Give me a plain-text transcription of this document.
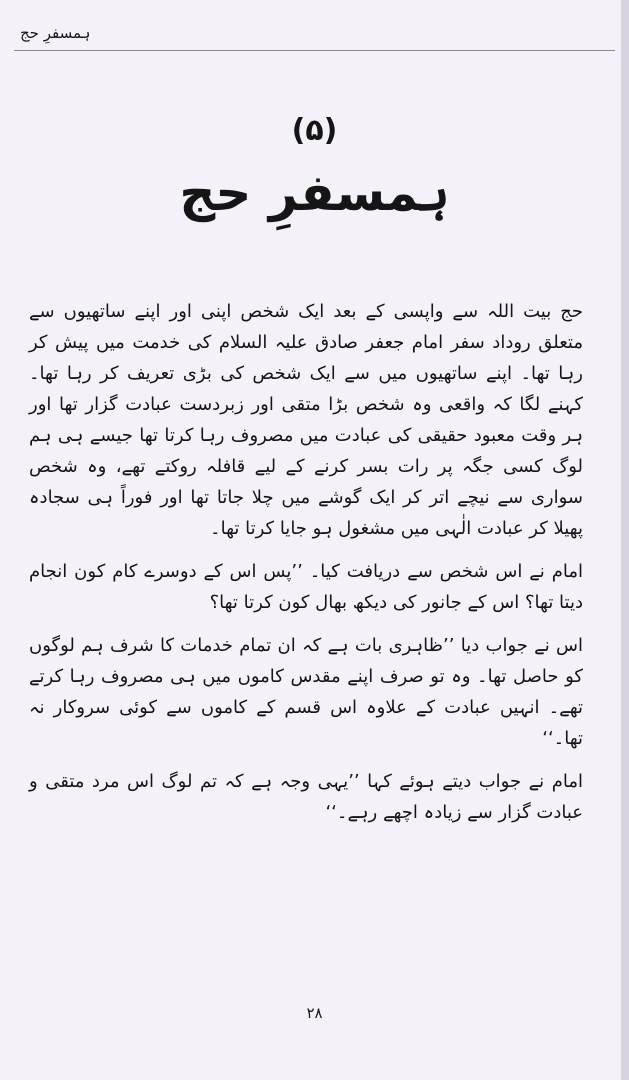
ہمسفرِ حج
(۵)
ہمسفرِ حج

حج بیت اللہ سے واپسی کے بعد ایک شخص اپنی اور اپنے ساتھیوں سے متعلق روداد سفر امام جعفر صادق علیہ السلام کی خدمت میں پیش کر رہا تھا۔ اپنے ساتھیوں میں سے ایک شخص کی بڑی تعریف کر رہا تھا۔ کہنے لگا کہ واقعی وہ شخص بڑا متقی اور زبردست عبادت گزار تھا اور ہر وقت معبود حقیقی کی عبادت میں مصروف رہا کرتا تھا جیسے ہی ہم لوگ کسی جگہ پر رات بسر کرنے کے لیے قافلہ روکتے تھے، وہ شخص سواری سے نیچے اتر کر ایک گوشے میں چلا جاتا تھا اور فوراً ہی سجادہ پھیلا کر عبادت الٰہی میں مشغول ہو جایا کرتا تھا۔

امام نے اس شخص سے دریافت کیا۔ ’’پس اس کے دوسرے کام کون انجام دیتا تھا؟ اس کے جانور کی دیکھ بھال کون کرتا تھا؟

اس نے جواب دیا ’’ظاہری بات ہے کہ ان تمام خدمات کا شرف ہم لوگوں کو حاصل تھا۔ وہ تو صرف اپنے مقدس کاموں میں ہی مصروف رہا کرتے تھے۔ انہیں عبادت کے علاوہ اس قسم کے کاموں سے کوئی سروکار نہ تھا۔‘‘

امام نے جواب دیتے ہوئے کہا ’’یہی وجہ ہے کہ تم لوگ اس مرد متقی و عبادت گزار سے زیادہ اچھے رہے۔‘‘

۲۸
